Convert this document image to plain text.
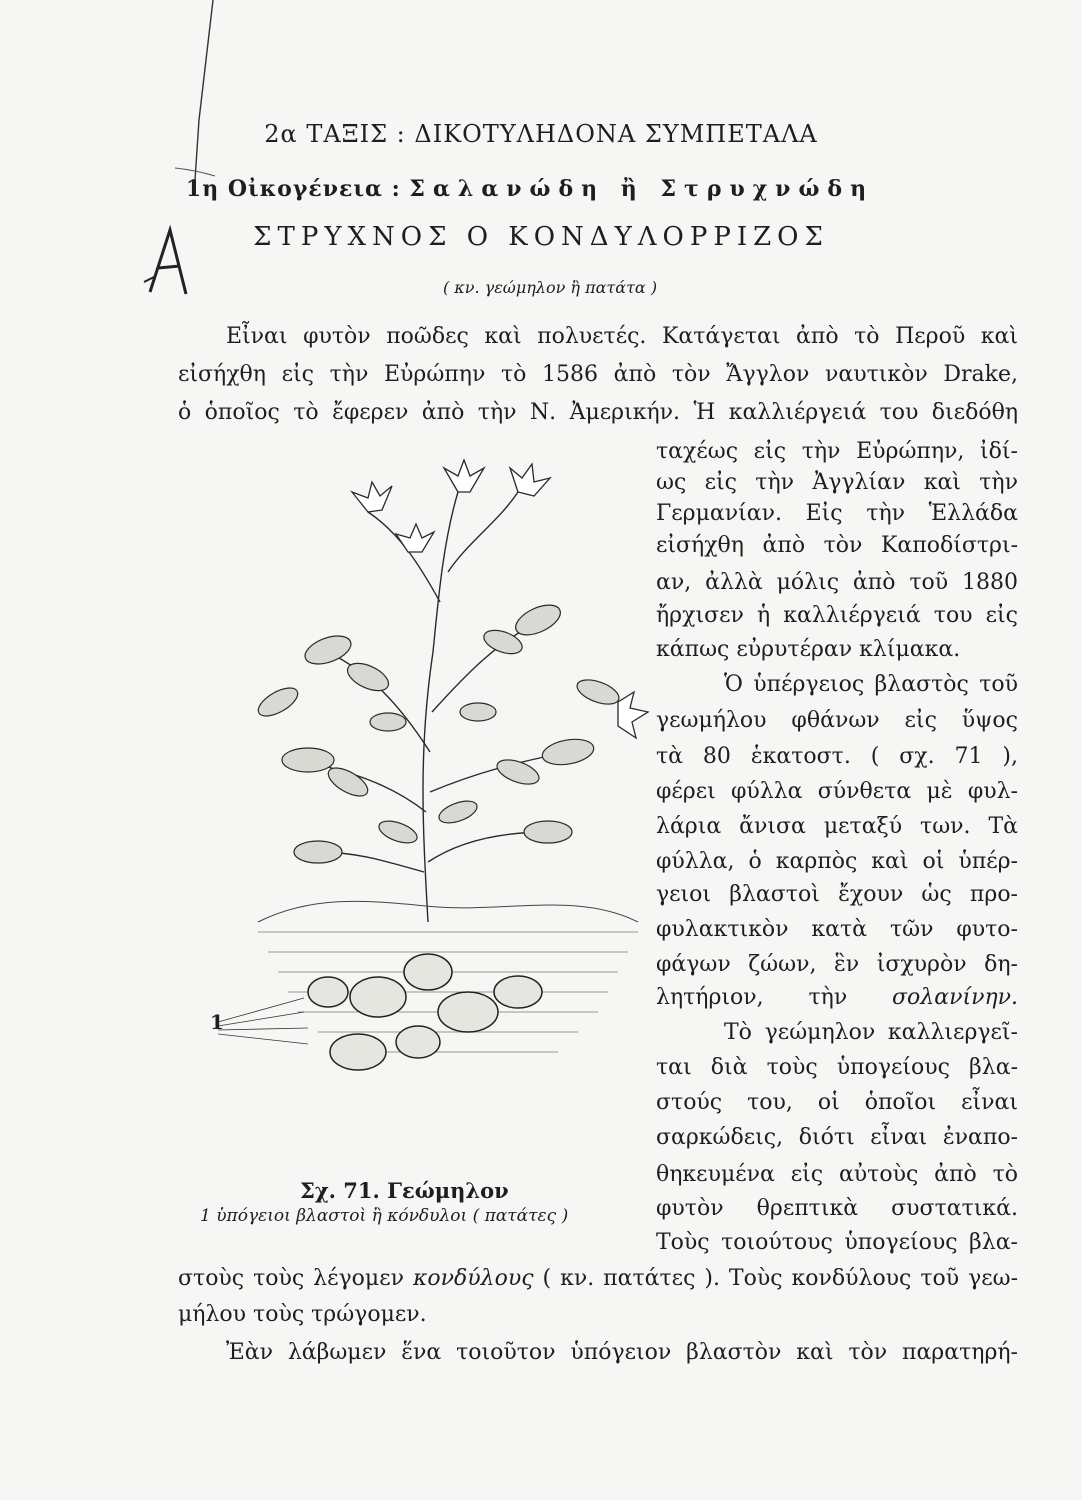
2α ΤΑΞΙΣ : ΔΙΚΟΤΥΛΗΔΟΝΑ ΣΥΜΠΕΤΑΛΑ
1η Οἰκογένεια : Σαλανώδη ἢ Στρυχνώδη
ΣΤΡΥΧΝΟΣ Ο ΚΟΝΔΥΛΟΡΡΙΖΟΣ
( κν. γεώμηλον ἢ πατάτα )
Εἶναι φυτὸν ποῶδες καὶ πολυετές. Κατάγεται ἀπὸ τὸ Περοῦ καὶ
εἰσήχθη εἰς τὴν Εὐρώπην τὸ 1586 ἀπὸ τὸν Ἄγγλον ναυτικὸν Drake,
ὁ ὁποῖος τὸ ἔφερεν ἀπὸ τὴν Ν. Ἀμερικήν. Ἡ καλλιέργειά του διεδόθη
ταχέως εἰς τὴν Εὐρώπην, ἰδί-
ως εἰς τὴν Ἀγγλίαν καὶ τὴν
Γερμανίαν. Εἰς τὴν Ἑλλάδα
εἰσήχθη ἀπὸ τὸν Καποδίστρι-
αν, ἀλλὰ μόλις ἀπὸ τοῦ 1880
ἤρχισεν ἡ καλλιέργειά του εἰς
κάπως εὐρυτέραν κλίμακα.
Ὁ ὑπέργειος βλαστὸς τοῦ
γεωμήλου φθάνων εἰς ὕψος
τὰ 80 ἑκατοστ. ( σχ. 71 ),
φέρει φύλλα σύνθετα μὲ φυλ-
λάρια ἄνισα μεταξύ των. Τὰ
φύλλα, ὁ καρπὸς καὶ οἱ ὑπέρ-
γειοι βλαστοὶ ἔχουν ὡς προ-
φυλακτικὸν κατὰ τῶν φυτο-
φάγων ζώων, ἓν ἰσχυρὸν δη-
λητήριον, τὴν σολανίνην.
Τὸ γεώμηλον καλλιεργεῖ-
ται διὰ τοὺς ὑπογείους βλα-
στούς του, οἱ ὁποῖοι εἶναι
σαρκώδεις, διότι εἶναι ἐναπο-
θηκευμένα εἰς αὐτοὺς ἀπὸ τὸ
φυτὸν θρεπτικὰ συστατικά.
Τοὺς τοιούτους ὑπογείους βλα-
στοὺς τοὺς λέγομεν κονδύλους ( κν. πατάτες ). Τοὺς κονδύλους τοῦ γεω-
μήλου τοὺς τρώγομεν.
Ἐὰν λάβωμεν ἕνα τοιοῦτον ὑπόγειον βλαστὸν καὶ τὸν παρατηρή-
1
Σχ. 71. Γεώμηλον
1 ὑπόγειοι βλαστοὶ ἢ κόνδυλοι ( πατάτες )
